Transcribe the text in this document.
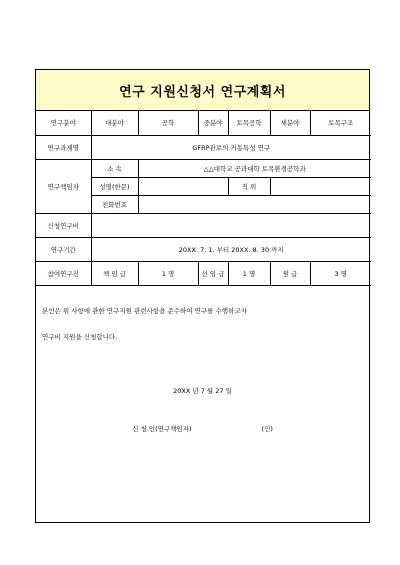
연구 지원신청서 연구계획서
연구분야	대분야	공학	중분야	토목공학	세분야	토목구조
연구과제명	GFRP관로의 거동특성 연구					
연구책임자	소 속	△△대학교 공과대학 토목환경공학과				
	성명(한문)			직 위		
	전화번호					
신청연구비						
연구기간	20XX. 7. 1. 부터 20XX. 8. 30 까지					
참여연구진	책 임 급	1 명	선 임 급	1 명	원 급	3 명
본인은 위 사항에 관한 연구지원 관련사항을 준수하여 연구를 수행하고자
연구비 지원을 신청합니다.
20XX 년 7 월 27 일
신 청 인(연구책임자)	(인)
